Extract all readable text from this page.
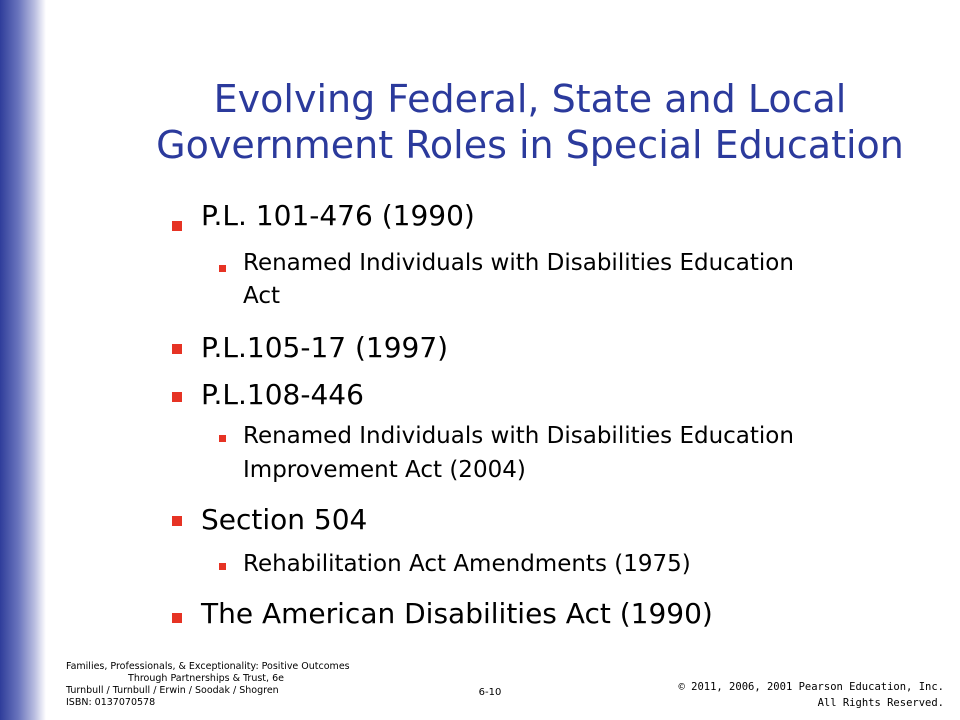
Evolving Federal, State and Local
Government Roles in Special Education
P.L. 101-476 (1990)
Renamed Individuals with Disabilities Education
Act
P.L.105-17 (1997)
P.L.108-446
Renamed Individuals with Disabilities Education
Improvement Act (2004)
Section 504
Rehabilitation Act Amendments (1975)
The American Disabilities Act (1990)
Families, Professionals, & Exceptionality: Positive Outcomes
Through Partnerships & Trust, 6e
Turnbull / Turnbull / Erwin / Soodak / Shogren
ISBN: 0137070578
6-10	© 2011, 2006, 2001 Pearson Education, Inc.
All Rights Reserved.
